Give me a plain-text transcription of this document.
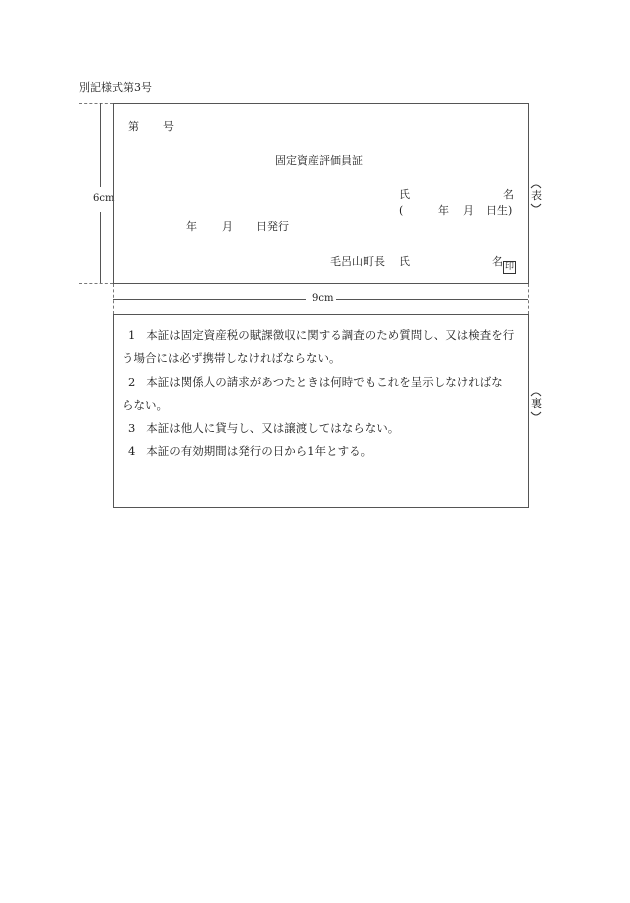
別記様式第3号
6cm
第 号
固定資産評価員証
氏	名
(	年 月 日生)
年 月 日発行
毛呂山町長 氏	名 印
表
9cm
1 本証は固定資産税の賦課徴収に関する調査のため質問し、又は検査を行
う場合には必ず携帯しなければならない。
2 本証は関係人の請求があつたときは何時でもこれを呈示しなければな
らない。
3 本証は他人に貸与し、又は譲渡してはならない。
4 本証の有効期間は発行の日から1年とする。
裏
